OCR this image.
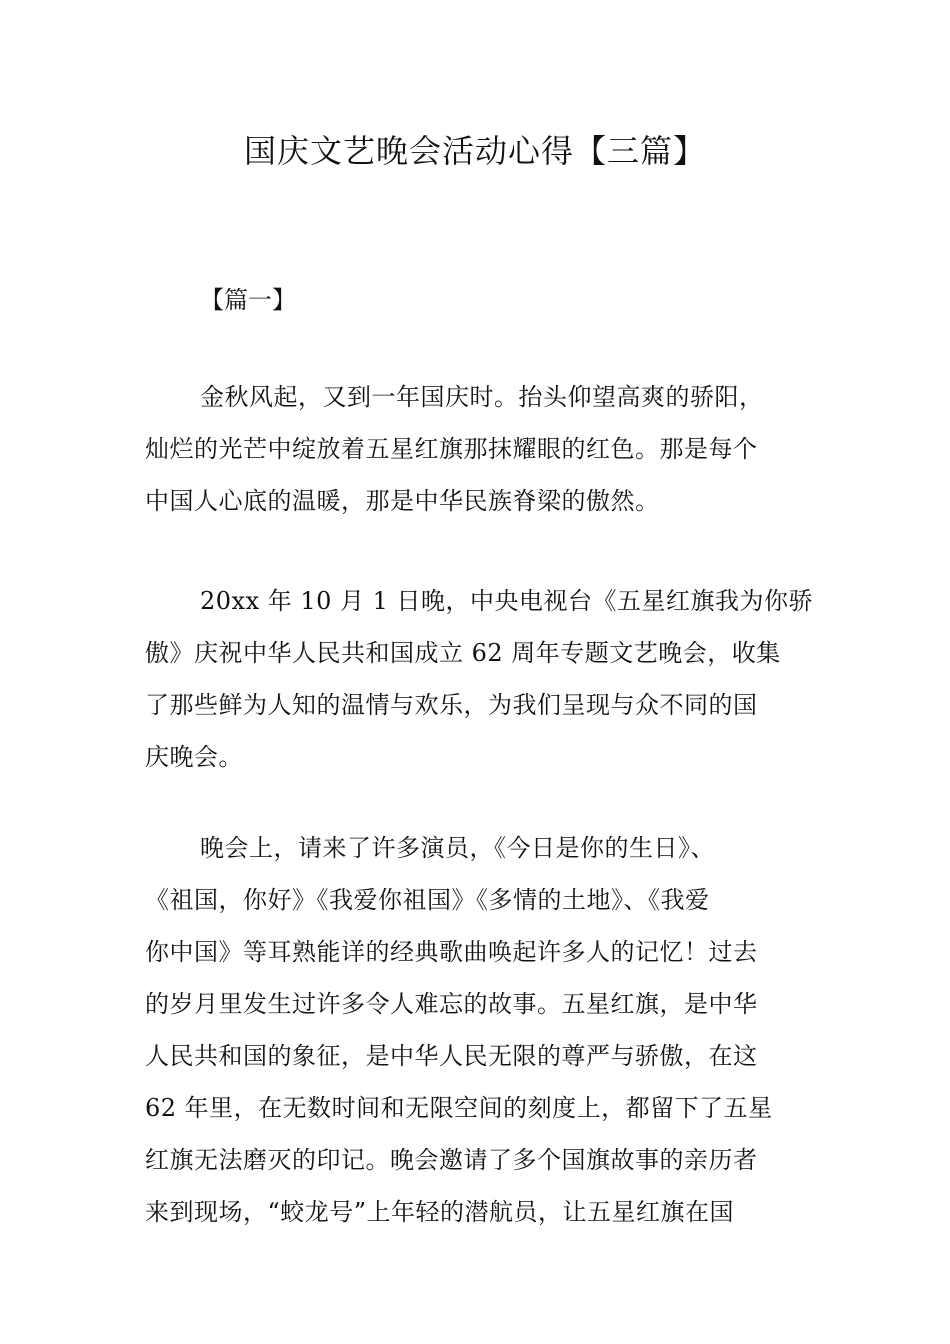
国庆文艺晚会活动心得【三篇】
【篇一】
金秋风起，又到一年国庆时。抬头仰望高爽的骄阳，
灿烂的光芒中绽放着五星红旗那抹耀眼的红色。那是每个
中国人心底的温暖，那是中华民族脊梁的傲然。
20xx 年 10 月 1 日晚，中央电视台《五星红旗我为你骄
傲》庆祝中华人民共和国成立 62 周年专题文艺晚会，收集
了那些鲜为人知的温情与欢乐，为我们呈现与众不同的国
庆晚会。
晚会上，请来了许多演员，《今日是你的生日》、
《祖国，你好》《我爱你祖国》《多情的土地》、《我爱
你中国》等耳熟能详的经典歌曲唤起许多人的记忆！过去
的岁月里发生过许多令人难忘的故事。五星红旗，是中华
人民共和国的象征，是中华人民无限的尊严与骄傲，在这
62 年里，在无数时间和无限空间的刻度上，都留下了五星
红旗无法磨灭的印记。晚会邀请了多个国旗故事的亲历者
来到现场，“蛟龙号”上年轻的潜航员，让五星红旗在国
